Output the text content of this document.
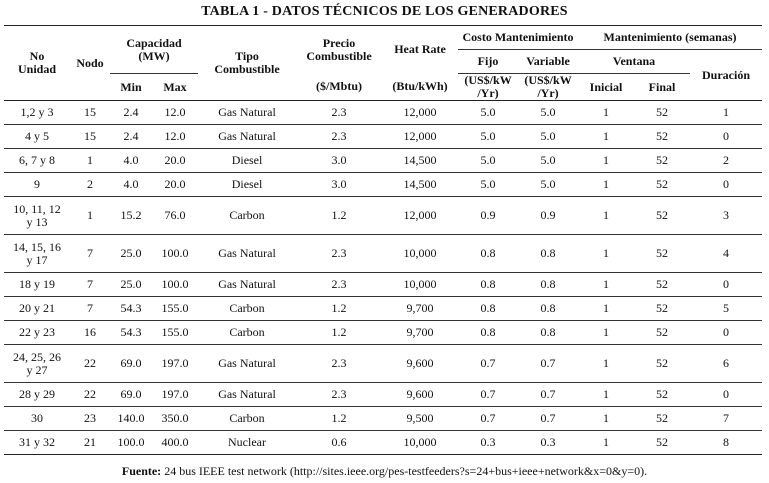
TABLA 1 - DATOS TÉCNICOS DE LOS GENERADORES
No Unidad	Nodo	Capacidad (MW)		Tipo Combustible	Precio Combustible	Heat Rate	Costo Mantenimiento		Mantenimiento (semanas)		
							Fijo	Variable	Ventana		Duración
		Min	Max		($/Mbtu)	(Btu/kWh)	(US$/kW /Yr)	(US$/kW /Yr)	Inicial	Final	
1,2 y 3	15	2.4	12.0	Gas Natural	2.3	12,000	5.0	5.0	1	52	1
4 y 5	15	2.4	12.0	Gas Natural	2.3	12,000	5.0	5.0	1	52	0
6, 7 y 8	1	4.0	20.0	Diesel	3.0	14,500	5.0	5.0	1	52	2
9	2	4.0	20.0	Diesel	3.0	14,500	5.0	5.0	1	52	0
10, 11, 12 y 13	1	15.2	76.0	Carbon	1.2	12,000	0.9	0.9	1	52	3
14, 15, 16 y 17	7	25.0	100.0	Gas Natural	2.3	10,000	0.8	0.8	1	52	4
18 y 19	7	25.0	100.0	Gas Natural	2.3	10,000	0.8	0.8	1	52	0
20 y 21	7	54.3	155.0	Carbon	1.2	9,700	0.8	0.8	1	52	5
22 y 23	16	54.3	155.0	Carbon	1.2	9,700	0.8	0.8	1	52	0
24, 25, 26 y 27	22	69.0	197.0	Gas Natural	2.3	9,600	0.7	0.7	1	52	6
28 y 29	22	69.0	197.0	Gas Natural	2.3	9,600	0.7	0.7	1	52	0
30	23	140.0	350.0	Carbon	1.2	9,500	0.7	0.7	1	52	7
31 y 32	21	100.0	400.0	Nuclear	0.6	10,000	0.3	0.3	1	52	8
Fuente: 24 bus IEEE test network (http://sites.ieee.org/pes-testfeeders?s=24+bus+ieee+network&x=0&y=0).
